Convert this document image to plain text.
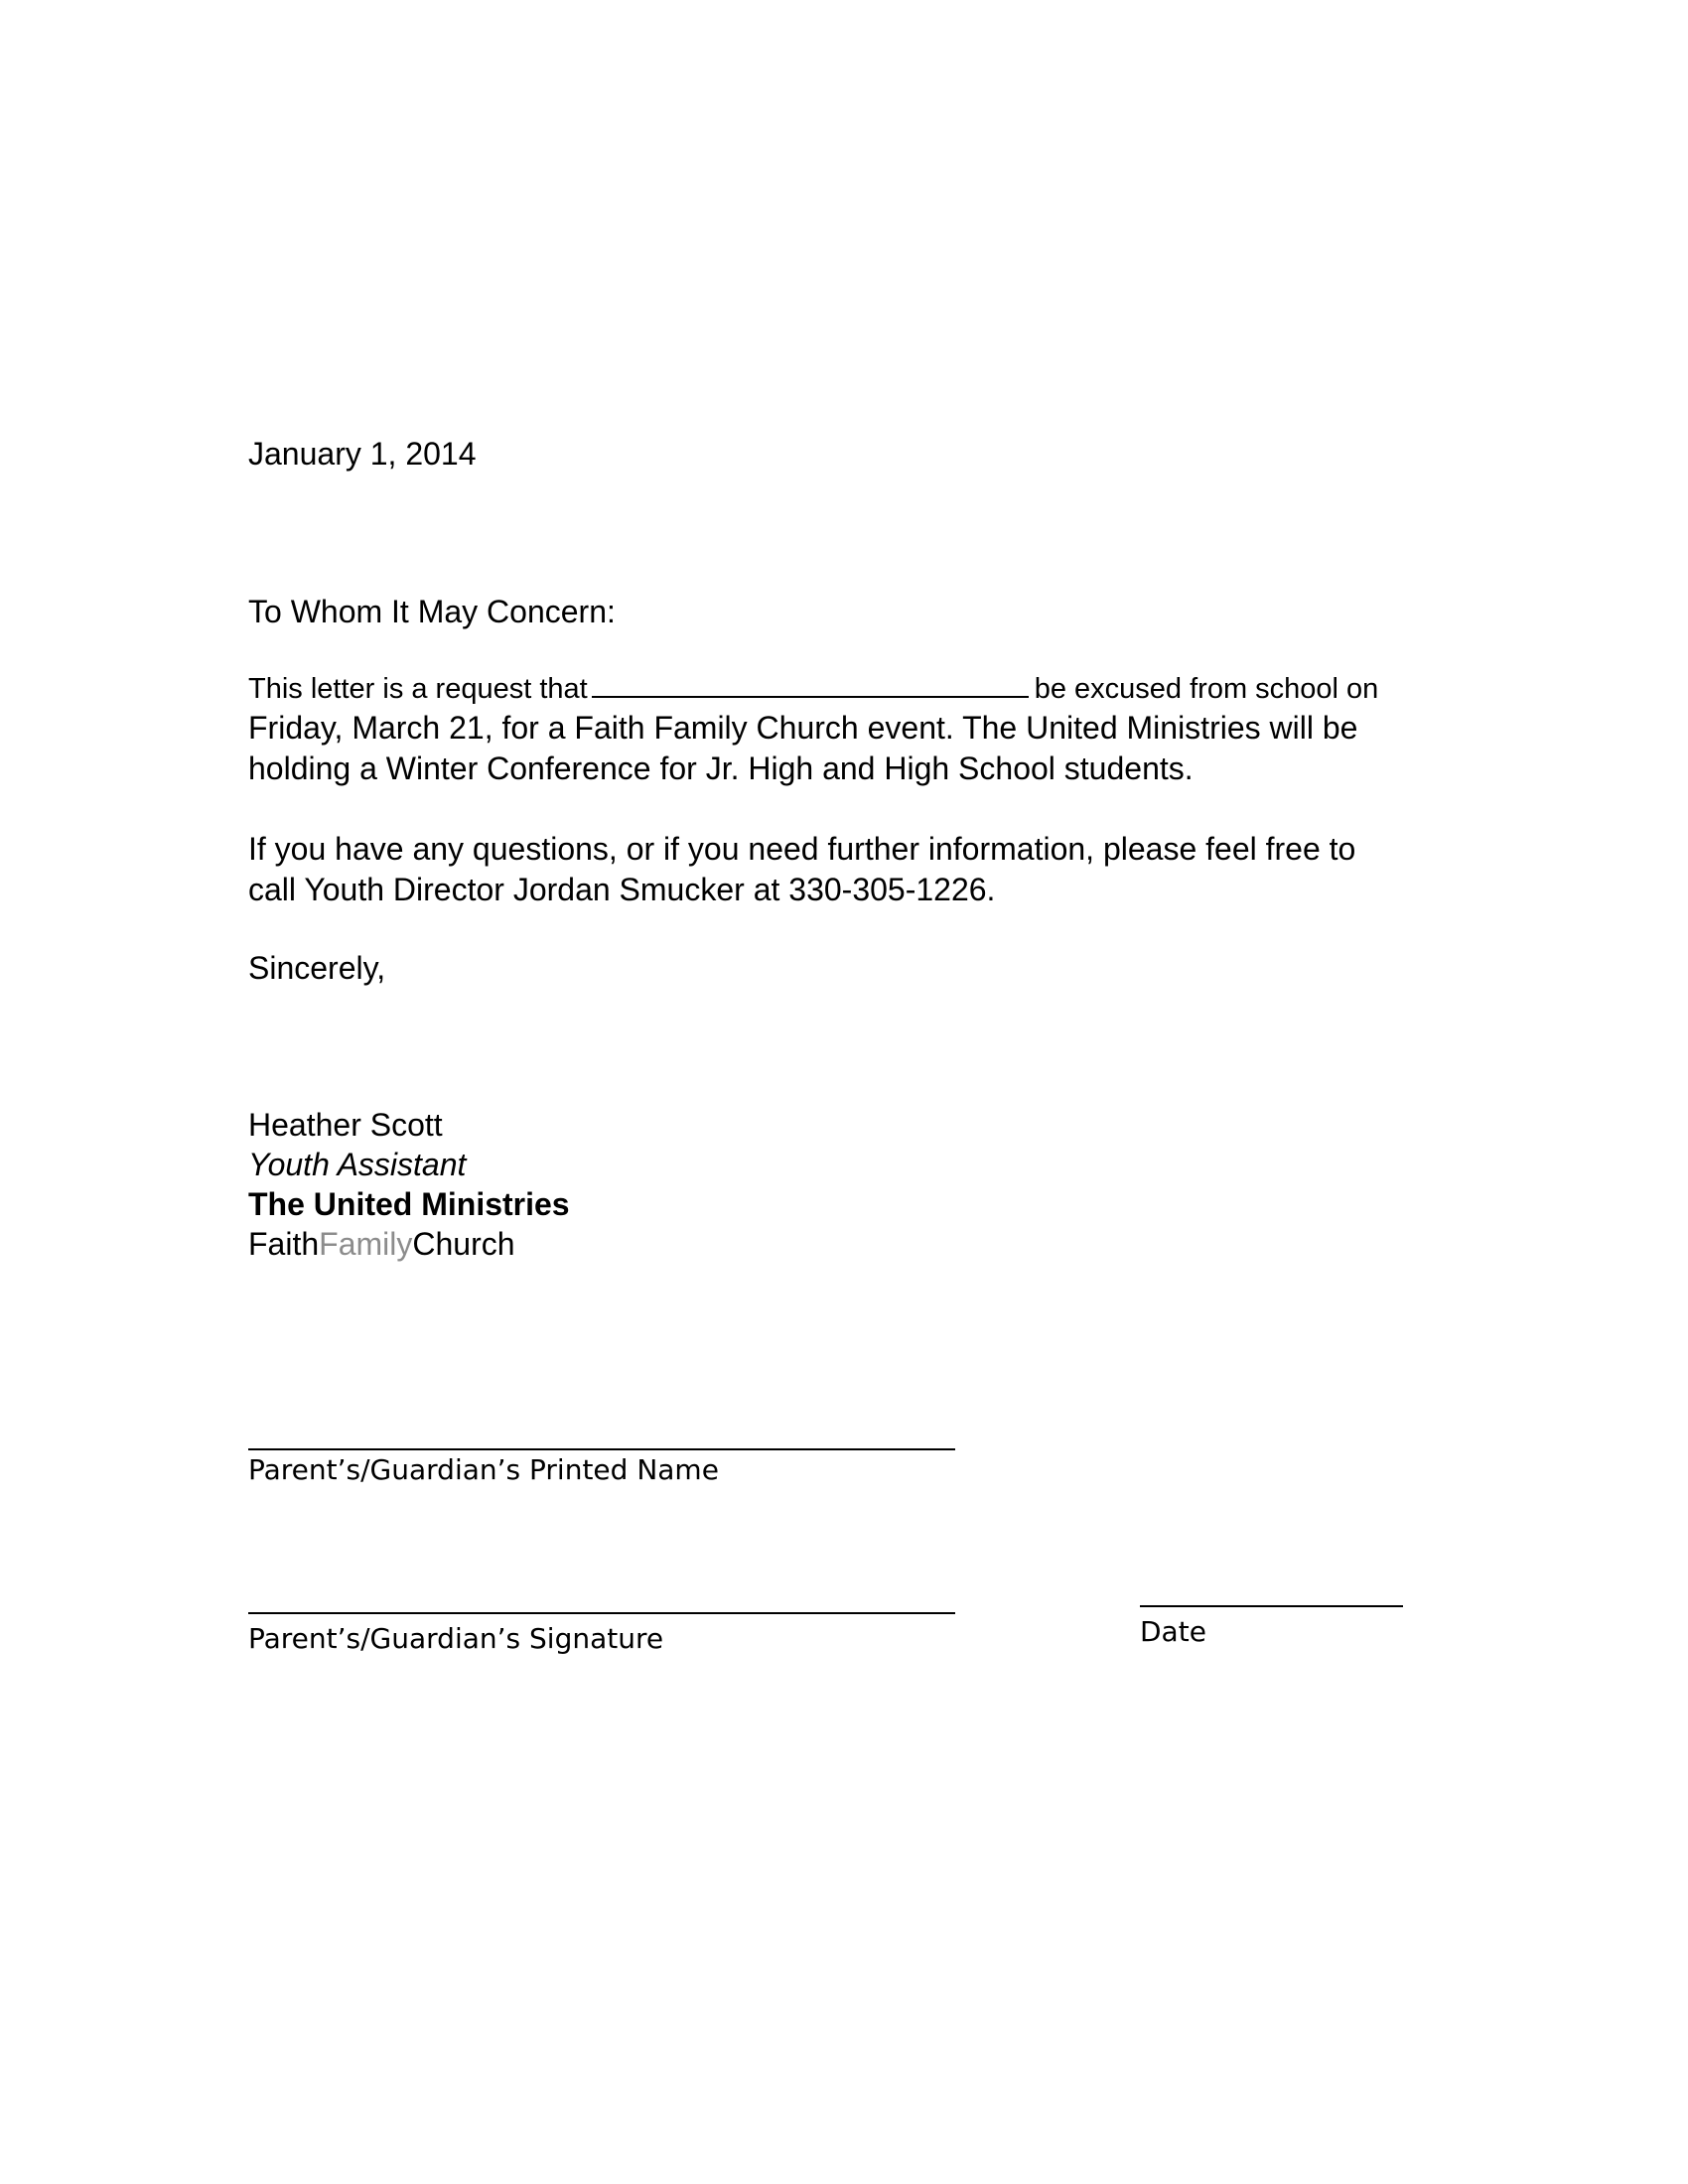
January 1, 2014
To Whom It May Concern:
This letter is a request that	be excused from school on
Friday, March 21, for a Faith Family Church event. The United Ministries will be
holding a Winter Conference for Jr. High and High School students.
If you have any questions, or if you need further information, please feel free to
call Youth Director Jordan Smucker at 330-305-1226.
Sincerely,
Heather Scott
Youth Assistant
The United Ministries
FaithFamilyChurch
Parent’s/Guardian’s Printed Name
Parent’s/Guardian’s Signature	Date
